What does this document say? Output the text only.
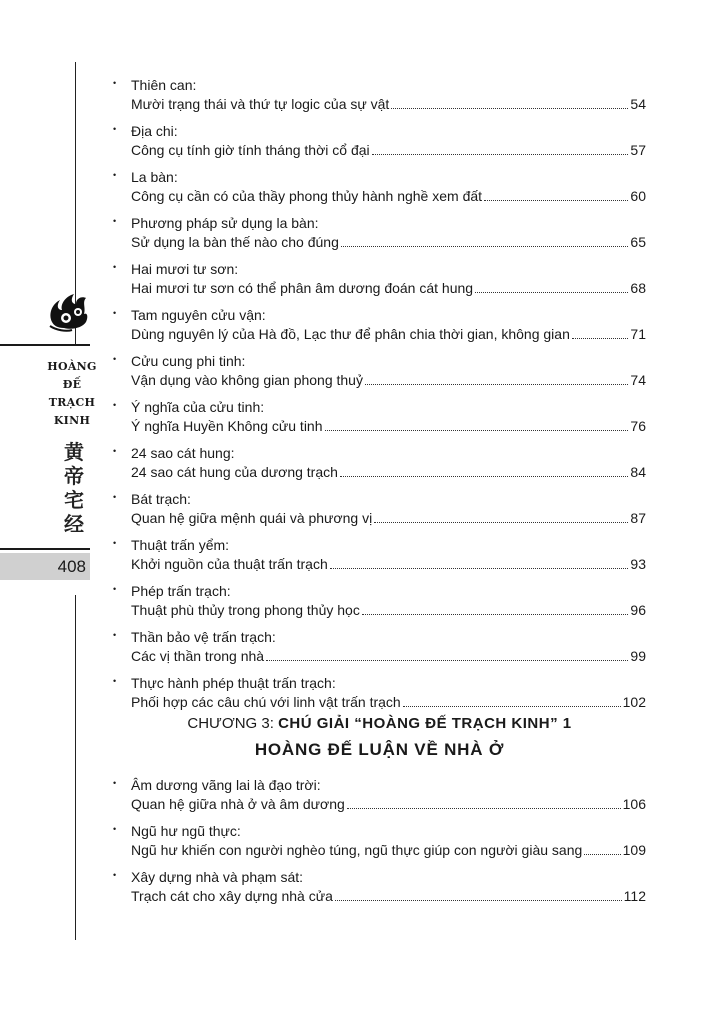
HOÀNG
ĐẾ
TRẠCH
KINH
黄
帝
宅
经
408
• Thiên can:
Mười trạng thái và thứ tự logic của sự vật	54
• Địa chi:
Công cụ tính giờ tính tháng thời cổ đại	57
• La bàn:
Công cụ cần có của thầy phong thủy hành nghề xem đất	60
• Phương pháp sử dụng la bàn:
Sử dụng la bàn thế nào cho đúng	65
• Hai mươi tư sơn:
Hai mươi tư sơn có thể phân âm dương đoán cát hung	68
• Tam nguyên cửu vận:
Dùng nguyên lý của Hà đồ, Lạc thư để phân chia thời gian, không gian	71
• Cửu cung phi tinh:
Vận dụng vào không gian phong thuỷ	74
• Ý nghĩa của cửu tinh:
Ý nghĩa Huyền Không cửu tinh	76
• 24 sao cát hung:
24 sao cát hung của dương trạch	84
• Bát trạch:
Quan hệ giữa mệnh quái và phương vị	87
• Thuật trấn yểm:
Khởi nguồn của thuật trấn trạch	93
• Phép trấn trạch:
Thuật phù thủy trong phong thủy học	96
• Thần bảo vệ trấn trạch:
Các vị thần trong nhà	99
• Thực hành phép thuật trấn trạch:
Phối hợp các câu chú với linh vật trấn trạch	102
CHƯƠNG 3: CHÚ GIẢI “HOÀNG ĐẾ TRẠCH KINH” 1
HOÀNG ĐẾ LUẬN VỀ NHÀ Ở
• Âm dương vãng lai là đạo trời:
Quan hệ giữa nhà ở và âm dương	106
• Ngũ hư ngũ thực:
Ngũ hư khiến con người nghèo túng, ngũ thực giúp con người giàu sang	109
• Xây dựng nhà và phạm sát:
Trạch cát cho xây dựng nhà cửa	112
